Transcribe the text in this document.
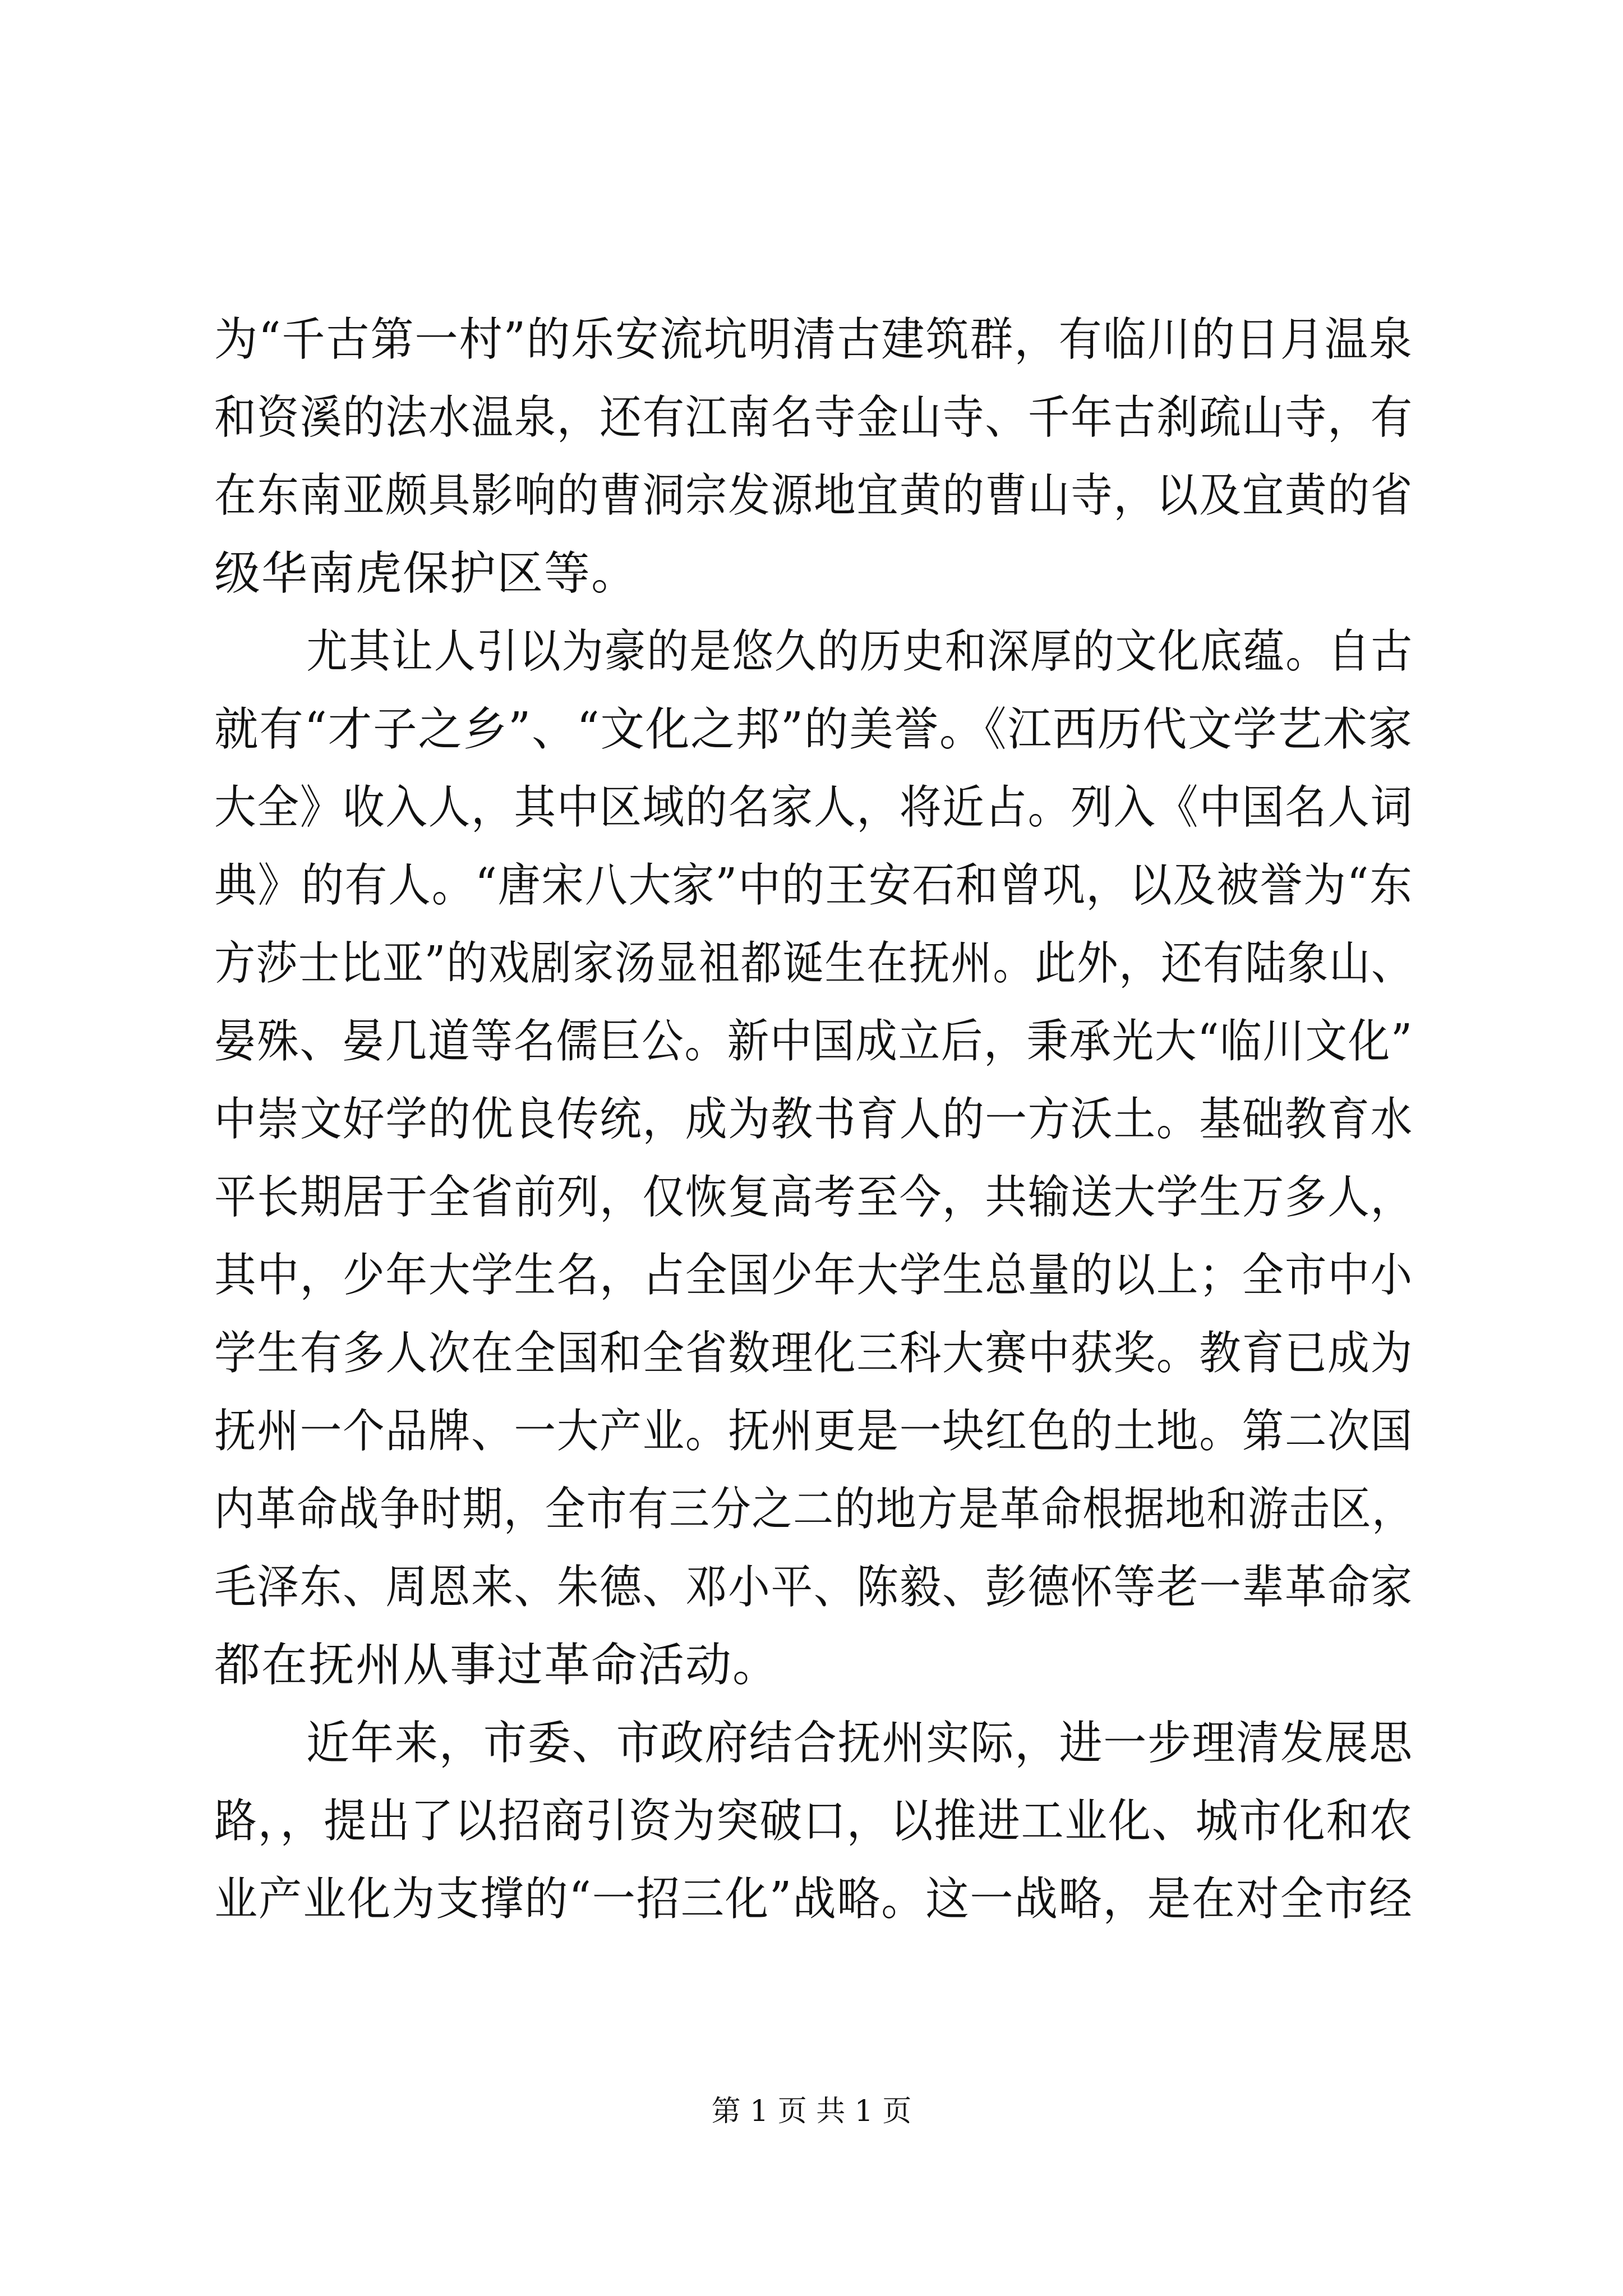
为“千古第一村”的乐安流坑明清古建筑群，有临川的日月温泉
和资溪的法水温泉，还有江南名寺金山寺、千年古刹疏山寺，有
在东南亚颇具影响的曹洞宗发源地宜黄的曹山寺，以及宜黄的省
级华南虎保护区等。
尤其让人引以为豪的是悠久的历史和深厚的文化底蕴。自古
就有“才子之乡”、“文化之邦”的美誉。《江西历代文学艺术家
大全》收入人，其中区域的名家人，将近占。列入《中国名人词
典》的有人。“唐宋八大家”中的王安石和曾巩，以及被誉为“东
方莎士比亚”的戏剧家汤显祖都诞生在抚州。此外，还有陆象山、
晏殊、晏几道等名儒巨公。新中国成立后，秉承光大“临川文化”
中崇文好学的优良传统，成为教书育人的一方沃土。基础教育水
平长期居于全省前列，仅恢复高考至今，共输送大学生万多人，
其中，少年大学生名，占全国少年大学生总量的以上；全市中小
学生有多人次在全国和全省数理化三科大赛中获奖。教育已成为
抚州一个品牌、一大产业。抚州更是一块红色的土地。第二次国
内革命战争时期，全市有三分之二的地方是革命根据地和游击区，
毛泽东、周恩来、朱德、邓小平、陈毅、彭德怀等老一辈革命家
都在抚州从事过革命活动。
近年来，市委、市政府结合抚州实际，进一步理清发展思
路，，提出了以招商引资为突破口，以推进工业化、城市化和农
业产业化为支撑的“一招三化”战略。这一战略，是在对全市经
第 1 页 共 1 页
